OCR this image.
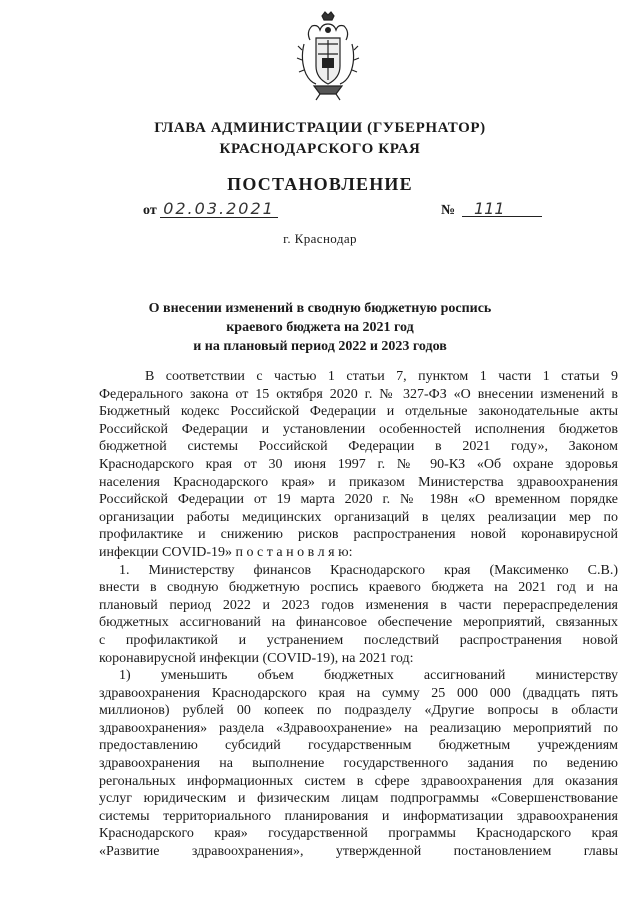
ГЛАВА АДМИНИСТРАЦИИ (ГУБЕРНАТОР)
КРАСНОДАРСКОГО КРАЯ
ПОСТАНОВЛЕНИЕ
от 02.03.2021	№	111
г. Краснодар
О внесении изменений в сводную бюджетную роспись
краевого бюджета на 2021 год
и на плановый период 2022 и 2023 годов
В соответствии с частью 1 статьи 7, пунктом 1 части 1 статьи 9
Федерального закона от 15 октября 2020 г. № 327-ФЗ «О внесении изменений в
Бюджетный кодекс Российской Федерации и отдельные законодательные акты
Российской Федерации и установлении особенностей исполнения бюджетов
бюджетной системы Российской Федерации в 2021 году», Законом
Краснодарского края от 30 июня 1997 г. № 90-КЗ «Об охране здоровья
населения Краснодарского края» и приказом Министерства здравоохранения
Российской Федерации от 19 марта 2020 г. № 198н «О временном порядке
организации работы медицинских организаций в целях реализации мер по
профилактике и снижению рисков распространения новой коронавирусной
инфекции COVID-19» п о с т а н о в л я ю:
1. Министерству финансов Краснодарского края (Максименко С.В.)
внести в сводную бюджетную роспись краевого бюджета на 2021 год и на
плановый период 2022 и 2023 годов изменения в части перераспределения
бюджетных ассигнований на финансовое обеспечение мероприятий, связанных
с профилактикой и устранением последствий распространения новой
коронавирусной инфекции (COVID-19), на 2021 год:
1) уменьшить объем бюджетных ассигнований министерству
здравоохранения Краснодарского края на сумму 25 000 000 (двадцать пять
миллионов) рублей 00 копеек по подразделу «Другие вопросы в области
здравоохранения» раздела «Здравоохранение» на реализацию мероприятий по
предоставлению субсидий государственным бюджетным учреждениям
здравоохранения на выполнение государственного задания по ведению
регональных информационных систем в сфере здравоохранения для оказания
услуг юридическим и физическим лицам подпрограммы «Совершенствование
системы территориального планирования и информатизации здравоохранения
Краснодарского края» государственной программы Краснодарского края
«Развитие здравоохранения», утвержденной постановлением главы
